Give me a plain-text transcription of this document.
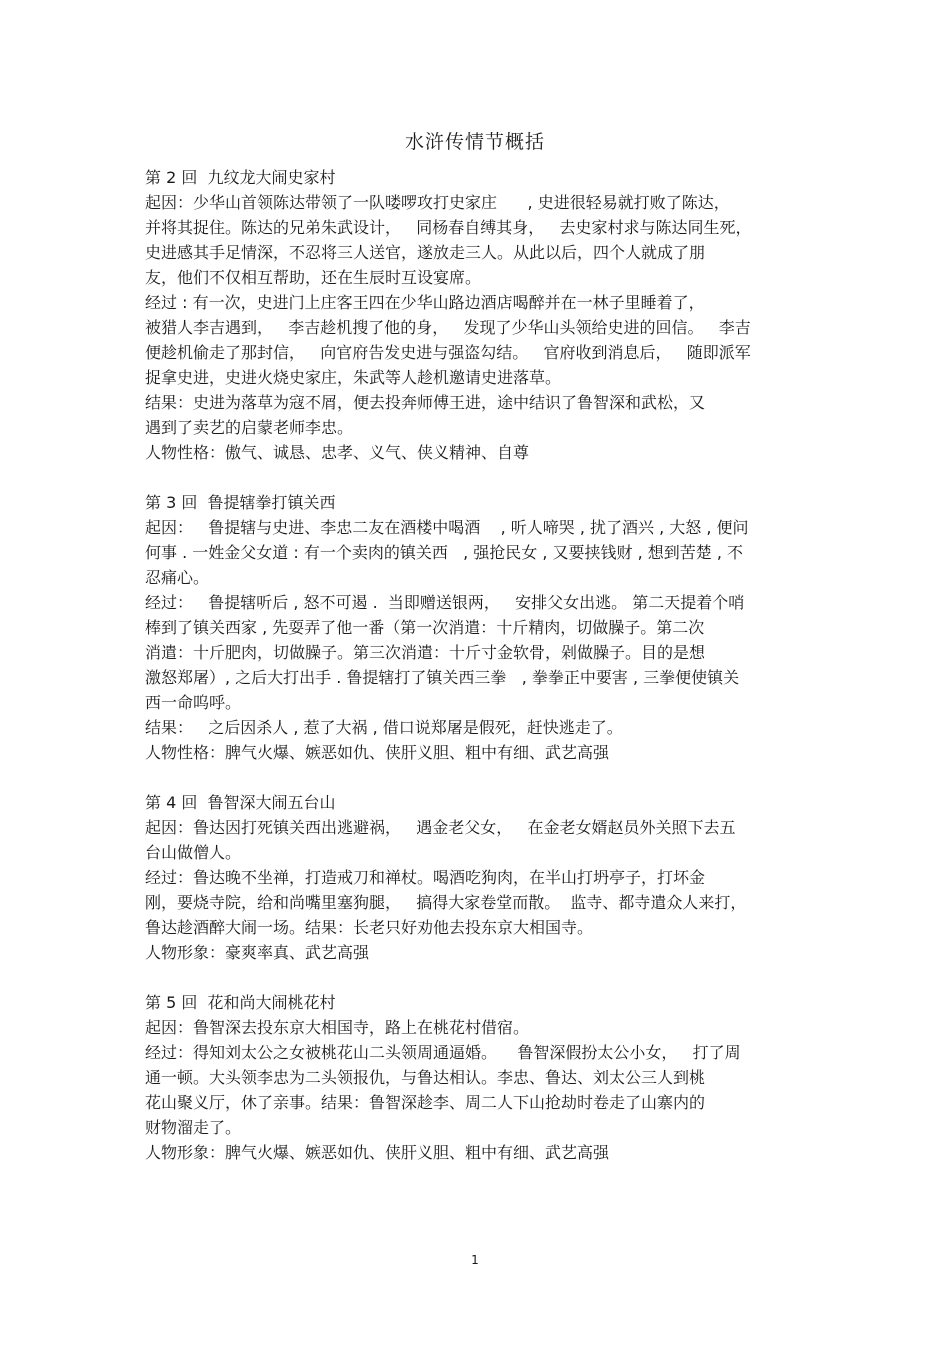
水浒传情节概括
第 2 回  九纹龙大闹史家村
起因：少华山首领陈达带领了一队喽啰攻打史家庄      , 史进很轻易就打败了陈达，
并将其捉住。陈达的兄弟朱武设计，   同杨春自缚其身，   去史家村求与陈达同生死，
史进感其手足情深，不忍将三人送官，遂放走三人。从此以后，四个人就成了朋
友，他们不仅相互帮助，还在生辰时互设宴席。
经过 : 有一次，史进门上庄客王四在少华山路边酒店喝醉并在一林子里睡着了，
被猎人李吉遇到，   李吉趁机搜了他的身，   发现了少华山头领给史进的回信。   李吉
便趁机偷走了那封信，   向官府告发史进与强盗勾结。   官府收到消息后，   随即派军
捉拿史进，史进火烧史家庄，朱武等人趁机邀请史进落草。
结果：史进为落草为寇不屑，便去投奔师傅王进，途中结识了鲁智深和武松，又
遇到了卖艺的启蒙老师李忠。
人物性格：傲气、诚恳、忠孝、义气、侠义精神、自尊
第 3 回  鲁提辖拳打镇关西
起因：   鲁提辖与史进、李忠二友在酒楼中喝酒    , 听人啼哭 , 扰了酒兴 , 大怒 , 便问
何事 . 一姓金父女道 : 有一个卖肉的镇关西   , 强抢民女 , 又要挟钱财 , 想到苦楚 , 不
忍痛心。
经过：   鲁提辖听后 , 怒不可遏 .  当即赠送银两，   安排父女出逃。 第二天提着个哨
棒到了镇关西家 , 先耍弄了他一番（第一次消遣：十斤精肉，切做臊子。第二次
消遣：十斤肥肉，切做臊子。第三次消遣：十斤寸金软骨，剁做臊子。目的是想
激怒郑屠）, 之后大打出手 . 鲁提辖打了镇关西三拳   , 拳拳正中要害 , 三拳便使镇关
西一命呜呼。
结果：   之后因杀人 , 惹了大祸 , 借口说郑屠是假死，赶快逃走了。
人物性格：脾气火爆、嫉恶如仇、侠肝义胆、粗中有细、武艺高强
第 4 回  鲁智深大闹五台山
起因：鲁达因打死镇关西出逃避祸，   遇金老父女，   在金老女婿赵员外关照下去五
台山做僧人。
经过：鲁达晚不坐禅，打造戒刀和禅杖。喝酒吃狗肉，在半山打坍亭子，打坏金
刚，要烧寺院，给和尚嘴里塞狗腿，   搞得大家卷堂而散。  监寺、都寺遣众人来打，
鲁达趁酒醉大闹一场。结果：长老只好劝他去投东京大相国寺。
人物形象：豪爽率真、武艺高强
第 5 回  花和尚大闹桃花村
起因：鲁智深去投东京大相国寺，路上在桃花村借宿。
经过：得知刘太公之女被桃花山二头领周通逼婚。    鲁智深假扮太公小女，   打了周
通一顿。大头领李忠为二头领报仇，与鲁达相认。李忠、鲁达、刘太公三人到桃
花山聚义厅，休了亲事。结果：鲁智深趁李、周二人下山抢劫时卷走了山寨内的
财物溜走了。
人物形象：脾气火爆、嫉恶如仇、侠肝义胆、粗中有细、武艺高强
1
